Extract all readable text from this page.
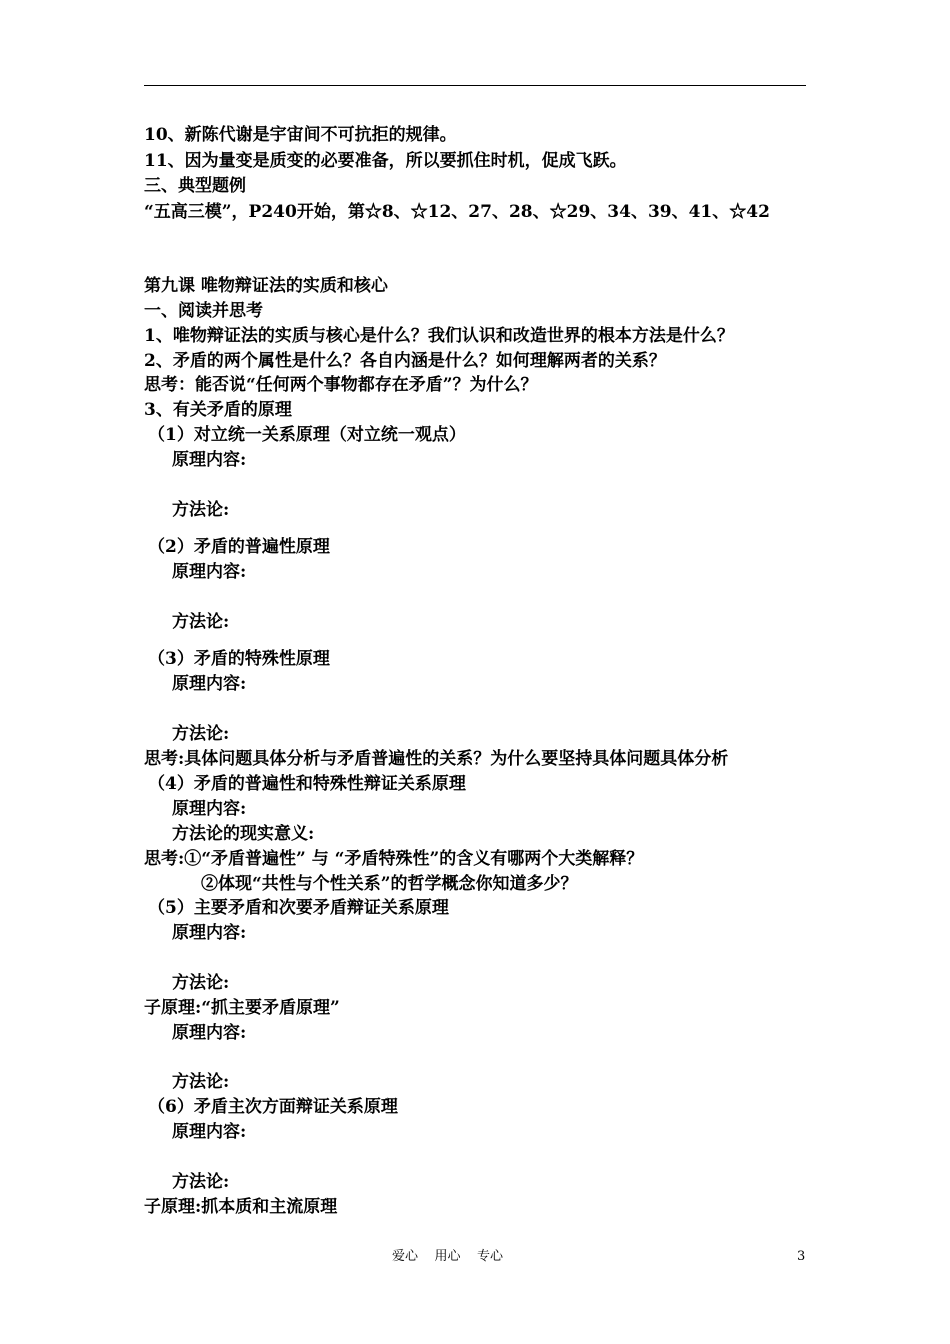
10、新陈代谢是宇宙间不可抗拒的规律。
11、因为量变是质变的必要准备，所以要抓住时机，促成飞跃。
三、典型题例
“五高三模”，P240开始，第☆8、☆12、27、28、☆29、34、39、41、☆42
第九课 唯物辩证法的实质和核心
一、阅读并思考
1、唯物辩证法的实质与核心是什么？我们认识和改造世界的根本方法是什么？
2、矛盾的两个属性是什么？各自内涵是什么？如何理解两者的关系？
思考：能否说“任何两个事物都存在矛盾”？为什么？
3、有关矛盾的原理
（1）对立统一关系原理（对立统一观点）
原理内容:
方法论:
（2）矛盾的普遍性原理
原理内容:
方法论:
（3）矛盾的特殊性原理
原理内容:
方法论:
思考:具体问题具体分析与矛盾普遍性的关系？为什么要坚持具体问题具体分析
（4）矛盾的普遍性和特殊性辩证关系原理
原理内容:
方法论的现实意义:
思考:①“矛盾普遍性” 与 “矛盾特殊性”的含义有哪两个大类解释？
②体现“共性与个性关系”的哲学概念你知道多少？
（5）主要矛盾和次要矛盾辩证关系原理
原理内容:
方法论:
子原理:“抓主要矛盾原理”
原理内容:
方法论:
（6）矛盾主次方面辩证关系原理
原理内容:
方法论:
子原理:抓本质和主流原理
爱心    用心    专心	3
